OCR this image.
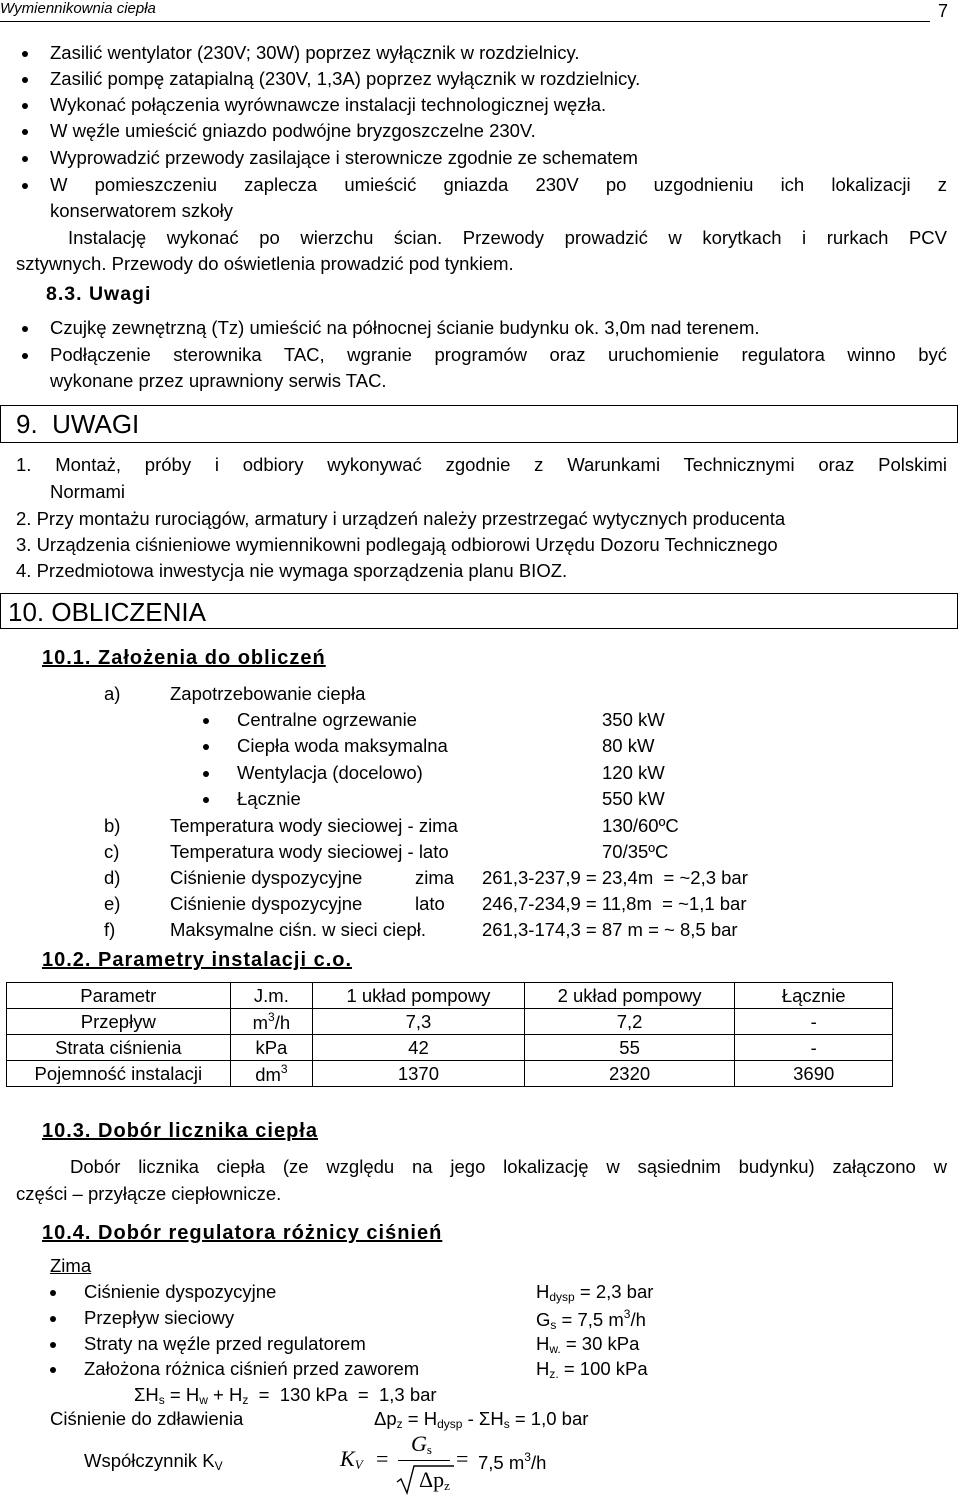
Wymiennikownia ciepła	7
Zasilić wentylator (230V; 30W) poprzez wyłącznik w rozdzielnicy.
Zasilić pompę zatapialną (230V, 1,3A) poprzez wyłącznik w rozdzielnicy.
Wykonać połączenia wyrównawcze instalacji technologicznej węzła.
W węźle umieścić gniazdo podwójne bryzgoszczelne 230V.
Wyprowadzić przewody zasilające i sterownicze zgodnie ze schematem
W pomieszczeniu zaplecza umieścić gniazda 230V po uzgodnieniu ich lokalizacji z
konserwatorem szkoły
Instalację wykonać po wierzchu ścian. Przewody prowadzić w korytkach i rurkach PCV
sztywnych. Przewody do oświetlenia prowadzić pod tynkiem.
8.3. Uwagi
Czujkę zewnętrzną (Tz) umieścić na północnej ścianie budynku ok. 3,0m nad terenem.
Podłączenie sterownika TAC, wgranie programów oraz uruchomienie regulatora winno być
wykonane przez uprawniony serwis TAC.
9.  UWAGI
1. Montaż, próby i odbiory wykonywać zgodnie z Warunkami Technicznymi oraz Polskimi
Normami
2. Przy montażu rurociągów, armatury i urządzeń należy przestrzegać wytycznych producenta
3. Urządzenia ciśnieniowe wymiennikowni podlegają odbiorowi Urzędu Dozoru Technicznego
4. Przedmiotowa inwestycja nie wymaga sporządzenia planu BIOZ.
10. OBLICZENIA
10.1. Założenia do obliczeń
a)	Zapotrzebowanie ciepła
Centralne ogrzewanie	350 kW
Ciepła woda maksymalna	80 kW
Wentylacja (docelowo)	120 kW
Łącznie	550 kW
b)	Temperatura wody sieciowej - zima	130/60ºC
c)	Temperatura wody sieciowej - lato	70/35ºC
d)	Ciśnienie dyspozycyjne	zima 261,3-237,9 = 23,4m  = ~2,3 bar
e)	Ciśnienie dyspozycyjne	lato 246,7-234,9 = 11,8m  = ~1,1 bar
f)	Maksymalne ciśn. w sieci ciepł.	261,3-174,3 = 87 m = ~ 8,5 bar
10.2. Parametry instalacji c.o.
Parametr	J.m.	1 układ pompowy	2 układ pompowy	Łącznie
Przepływ	$m^3/h$	7,3	7,2	-
Strata ciśnienia	kPa	42	55	-
Pojemność instalacji	$dm^3$	1370	2320	3690
10.3. Dobór licznika ciepła
Dobór licznika ciepła (ze względu na jego lokalizację w sąsiednim budynku) załączono w
części – przyłącze ciepłownicze.
10.4. Dobór regulatora różnicy ciśnień
Zima
Ciśnienie dyspozycyjne	$H_{dysp} = 2,3$ bar
Przepływ sieciowy	$G_s = 7,5$ $m^3/h$
Straty na węźle przed regulatorem	$H_{w.} = 30$ kPa
Założona różnica ciśnień przed zaworem	$H_{z.} = 100$ kPa
$\Sigma H_s = H_w + H_z = 130$ kPa  =  1,3 bar
Ciśnienie do zdławienia	$\Delta p_z = H_{dysp} - \Sigma H_s = 1,0$ bar
Współczynnik $K_V$	$K_V$ =
$G_s$
$\Delta p_z$
= 7,5 $m^3/h$
